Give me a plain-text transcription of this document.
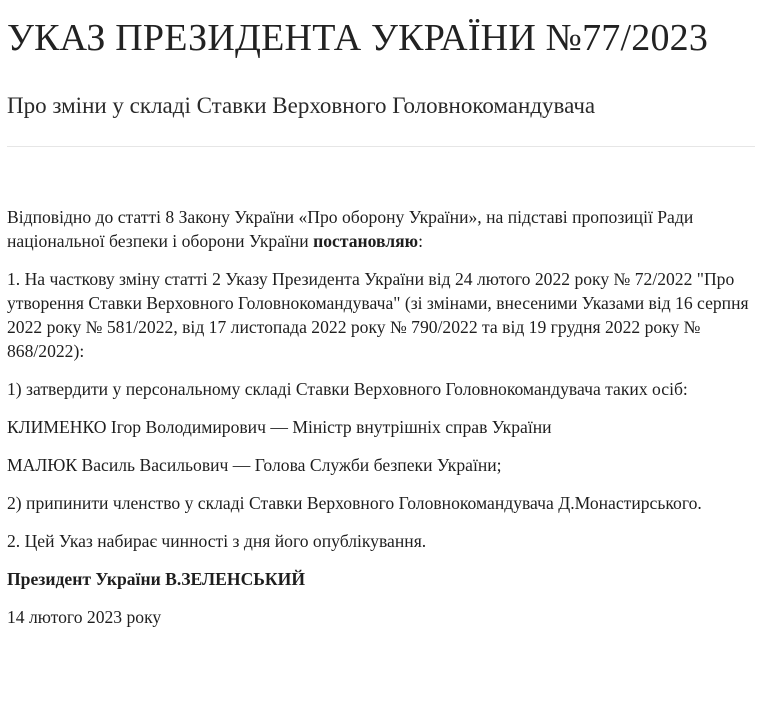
УКАЗ ПРЕЗИДЕНТА УКРАЇНИ №77/2023
Про зміни у складі Ставки Верховного Головнокомандувача

Відповідно до статті 8 Закону України «Про оборону України», на підставі пропозиції Ради національної безпеки і оборони України постановляю:

1. На часткову зміну статті 2 Указу Президента України від 24 лютого 2022 року № 72/2022 "Про утворення Ставки Верховного Головнокомандувача" (зі змінами, внесеними Указами від 16 серпня 2022 року № 581/2022, від 17 листопада 2022 року № 790/2022 та від 19 грудня 2022 року № 868/2022):

1) затвердити у персональному складі Ставки Верховного Головнокомандувача таких осіб:

КЛИМЕНКО Ігор Володимирович — Міністр внутрішніх справ України

МАЛЮК Василь Васильович — Голова Служби безпеки України;

2) припинити членство у складі Ставки Верховного Головнокомандувача Д.Монастирського.

2. Цей Указ набирає чинності з дня його опублікування.

Президент України В.ЗЕЛЕНСЬКИЙ

14 лютого 2023 року
